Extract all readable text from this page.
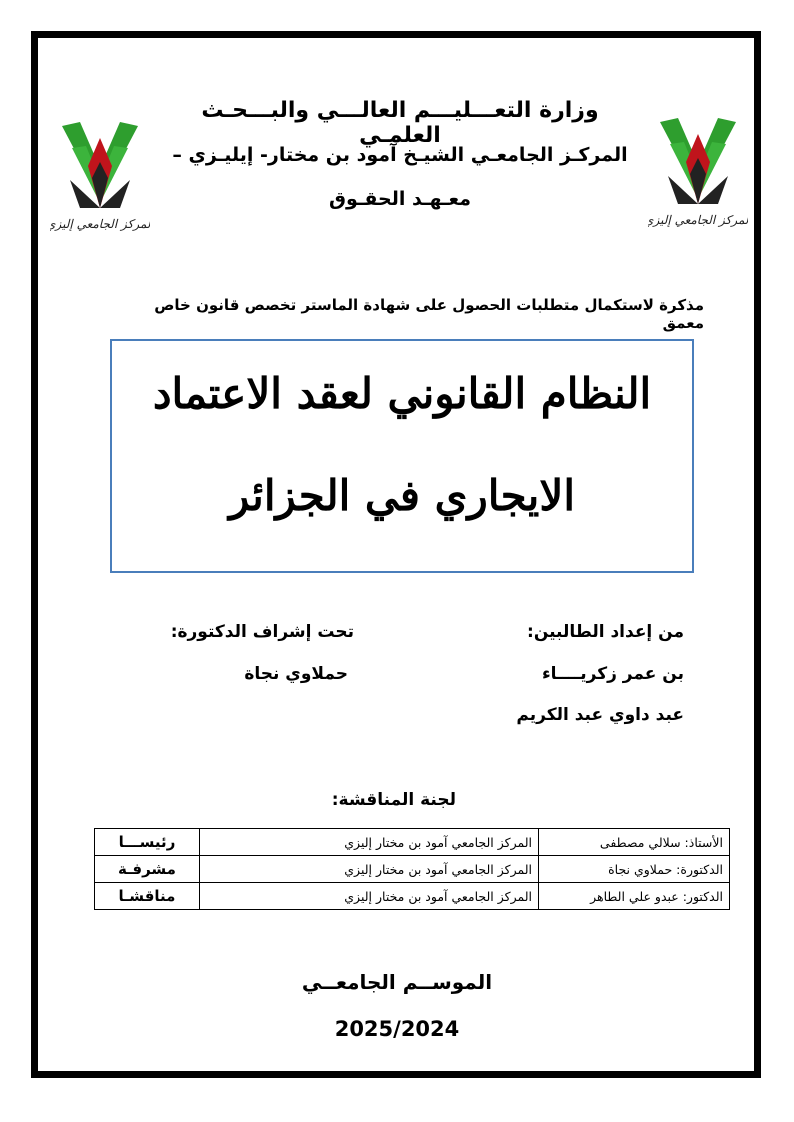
المركز الجامعي إليزي	المركز الجامعي إليزي
وزارة التعـــليـــم العالـــي والبـــحـث العلمـي
المركـز الجامعـي الشيـخ آمود بن مختار- إيليـزي –
معـهـد الحقـوق
مذكرة لاستكمال متطلبات الحصول على شهادة الماستر تخصص قانون خاص معمق
النظام القانوني لعقد الاعتماد
الايجاري في الجزائر
من إعداد الطالبين:
بن عمر زكريــــاء
عبد داوي عبد الكريم
تحت إشراف الدكتورة:
حملاوي نجاة
لجنة المناقشة:
الأستاذ: سلالي مصطفى	المركز الجامعي آمود بن مختار إليزي	رئيســـا
الدكتورة: حملاوي نجاة	المركز الجامعي آمود بن مختار إليزي	مشرفـة
الدكتور: عبدو علي الطاهر	المركز الجامعي آمود بن مختار إليزي	مناقشـا
الموســم الجامعــي
2025/2024
